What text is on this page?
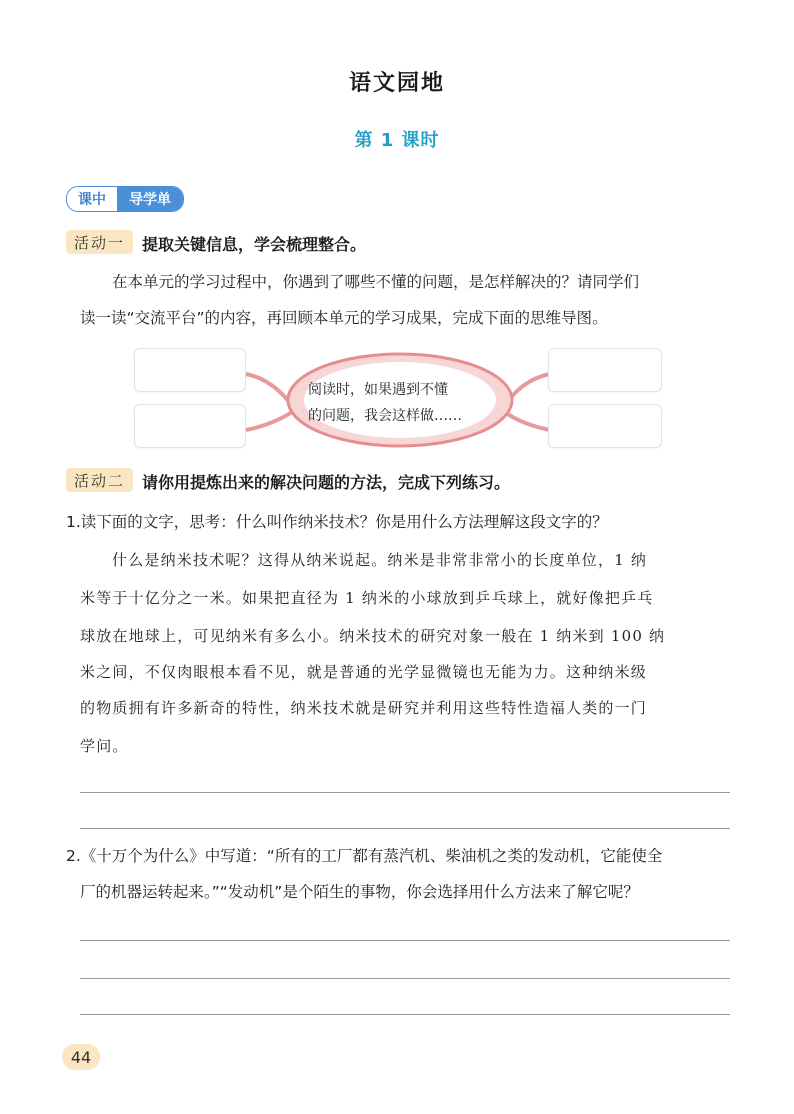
语文园地
第 1 课时
课中	导学单
活动一	提取关键信息，学会梳理整合。
在本单元的学习过程中，你遇到了哪些不懂的问题，是怎样解决的？请同学们
读一读“交流平台”的内容，再回顾本单元的学习成果，完成下面的思维导图。
阅读时，如果遇到不懂
的问题，我会这样做……
活动二	请你用提炼出来的解决问题的方法，完成下列练习。
1.读下面的文字，思考：什么叫作纳米技术？你是用什么方法理解这段文字的？
什么是纳米技术呢？这得从纳米说起。纳米是非常非常小的长度单位，1 纳
米等于十亿分之一米。如果把直径为 1 纳米的小球放到乒乓球上，就好像把乒乓
球放在地球上，可见纳米有多么小。纳米技术的研究对象一般在 1 纳米到 100 纳
米之间，不仅肉眼根本看不见，就是普通的光学显微镜也无能为力。这种纳米级
的物质拥有许多新奇的特性，纳米技术就是研究并利用这些特性造福人类的一门
学问。
2.《十万个为什么》中写道：“所有的工厂都有蒸汽机、柴油机之类的发动机，它能使全
厂的机器运转起来。”“发动机”是个陌生的事物，你会选择用什么方法来了解它呢？
44
